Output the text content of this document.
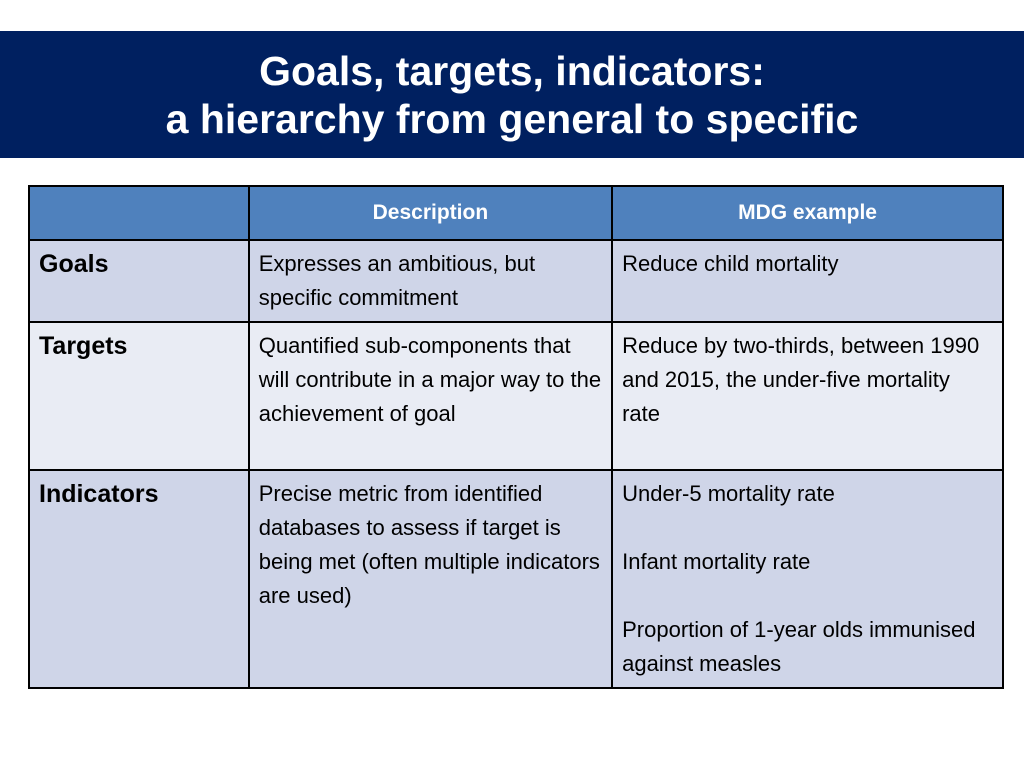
Goals, targets, indicators:
a hierarchy from general to specific
	Description	MDG example
Goals	Expresses an ambitious, but specific commitment	Reduce child mortality

Targets	Quantified sub-components that will contribute in a major way to the achievement of goal	Reduce by two-thirds, between 1990 and 2015, the under-five mortality rate

Indicators	Precise metric from identified databases to assess if target is being met (often multiple indicators are used)	Under-5 mortality rate
Infant mortality rate
Proportion of 1-year olds immunised against measles
